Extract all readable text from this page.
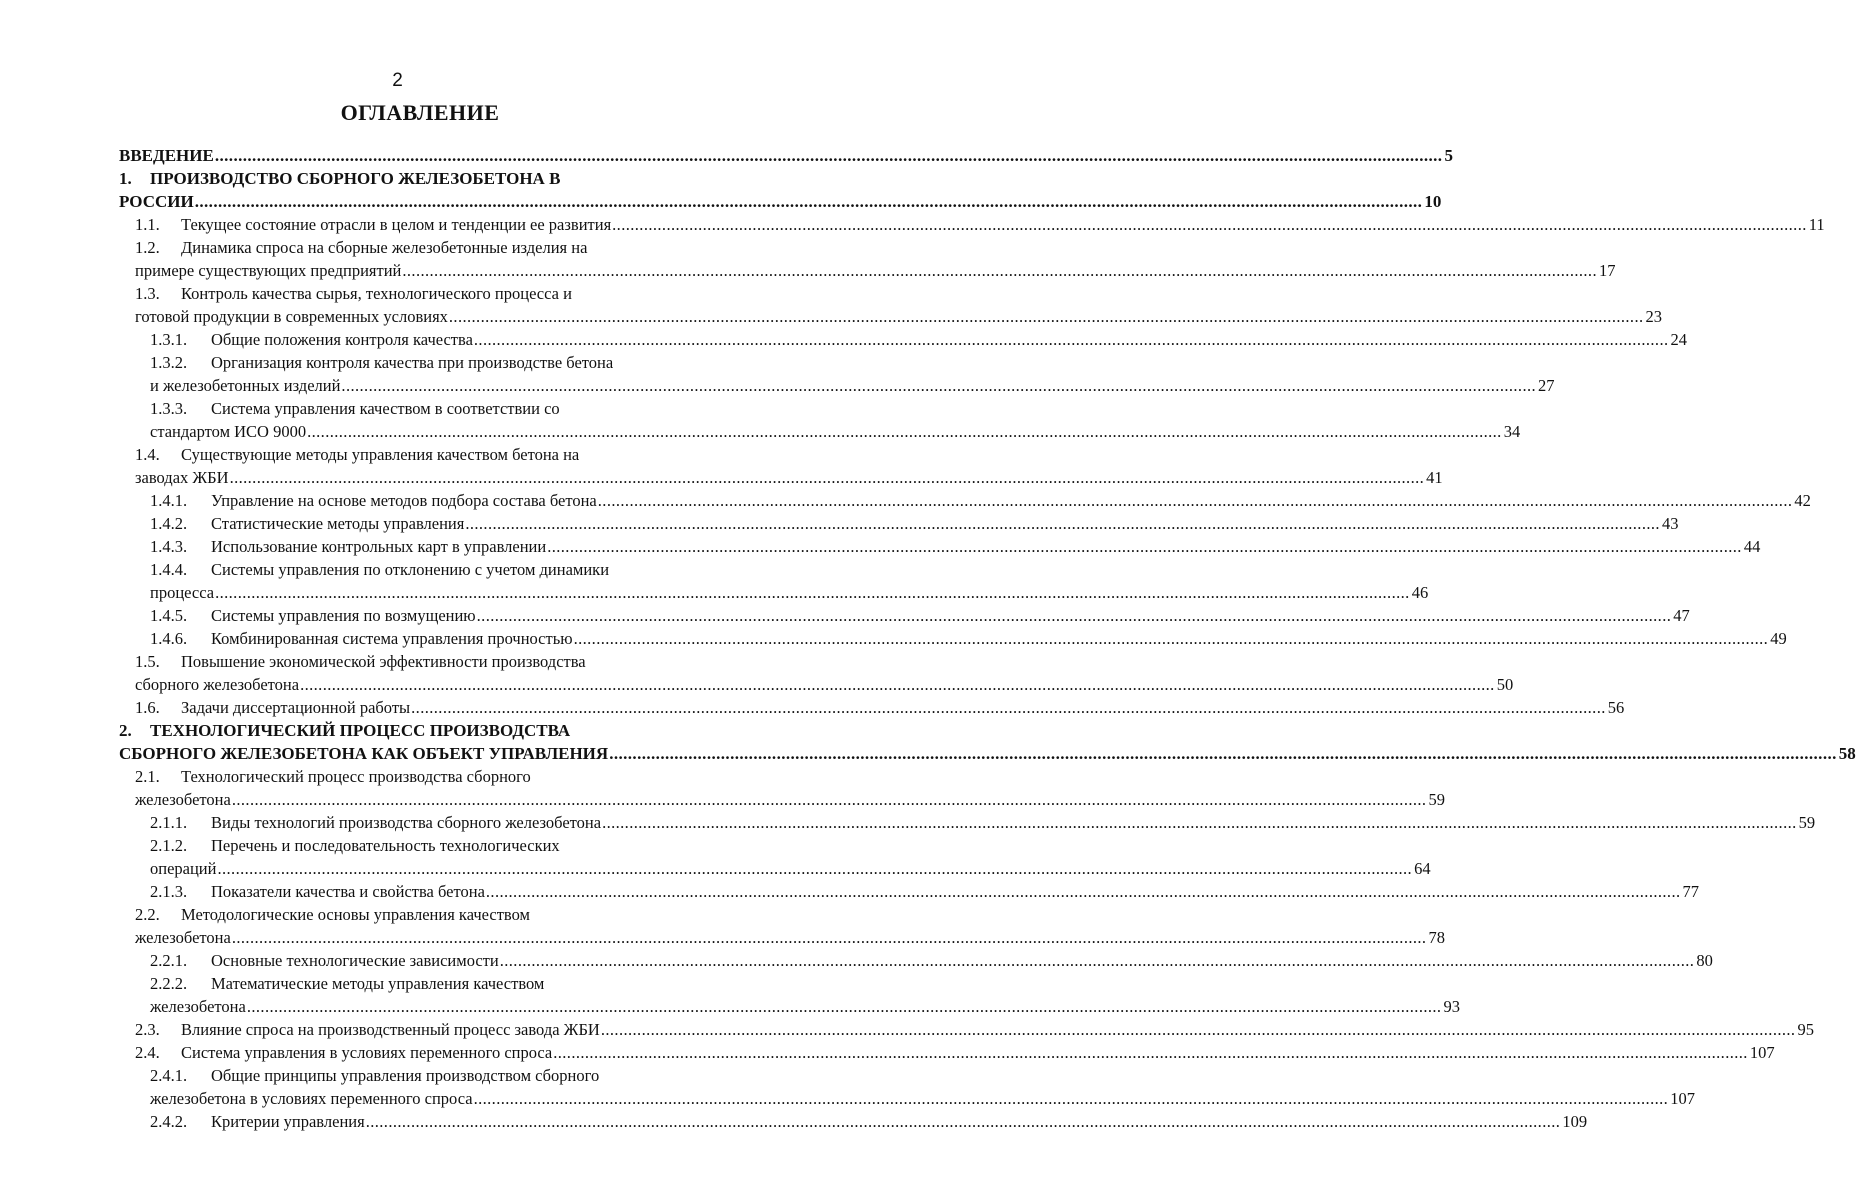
2
ОГЛАВЛЕНИЕ
ВВЕДЕНИЕ ........................................................................................................................................................................................................................................................................ 5
1. ПРОИЗВОДСТВО СБОРНОГО ЖЕЛЕЗОБЕТОНА В
РОССИИ ........................................................................................................................................................................................................................................................................ 10
1.1. Текущее состояние отрасли в целом и тенденции ее развития ........................................................................................................................................................................................................................................................................ 11
1.2. Динамика спроса на сборные железобетонные изделия на
примере существующих предприятий ........................................................................................................................................................................................................................................................................ 17
1.3. Контроль качества сырья, технологического процесса и
готовой продукции в современных условиях ........................................................................................................................................................................................................................................................................ 23
1.3.1. Общие положения контроля качества ........................................................................................................................................................................................................................................................................ 24
1.3.2. Организация контроля качества при производстве бетона
и железобетонных изделий ........................................................................................................................................................................................................................................................................ 27
1.3.3. Система управления качеством в соответствии со
стандартом ИСО 9000 ........................................................................................................................................................................................................................................................................ 34
1.4. Существующие методы управления качеством бетона на
заводах ЖБИ ........................................................................................................................................................................................................................................................................ 41
1.4.1. Управление на основе методов подбора состава бетона ........................................................................................................................................................................................................................................................................ 42
1.4.2. Статистические методы управления ........................................................................................................................................................................................................................................................................ 43
1.4.3. Использование контрольных карт в управлении ........................................................................................................................................................................................................................................................................ 44
1.4.4. Системы управления по отклонению с учетом динамики
процесса ........................................................................................................................................................................................................................................................................ 46
1.4.5. Системы управления по возмущению ........................................................................................................................................................................................................................................................................ 47
1.4.6. Комбинированная система управления прочностью ........................................................................................................................................................................................................................................................................ 49
1.5. Повышение экономической эффективности производства
сборного железобетона ........................................................................................................................................................................................................................................................................ 50
1.6. Задачи диссертационной работы ........................................................................................................................................................................................................................................................................ 56
2. ТЕХНОЛОГИЧЕСКИЙ ПРОЦЕСС ПРОИЗВОДСТВА
СБОРНОГО ЖЕЛЕЗОБЕТОНА КАК ОБЪЕКТ УПРАВЛЕНИЯ ........................................................................................................................................................................................................................................................................ 58
2.1. Технологический процесс производства сборного
железобетона ........................................................................................................................................................................................................................................................................ 59
2.1.1. Виды технологий производства сборного железобетона ........................................................................................................................................................................................................................................................................ 59
2.1.2. Перечень и последовательность технологических
операций ........................................................................................................................................................................................................................................................................ 64
2.1.3. Показатели качества и свойства бетона ........................................................................................................................................................................................................................................................................ 77
2.2. Методологические основы управления качеством
железобетона ........................................................................................................................................................................................................................................................................ 78
2.2.1. Основные технологические зависимости ........................................................................................................................................................................................................................................................................ 80
2.2.2. Математические методы управления качеством
железобетона ........................................................................................................................................................................................................................................................................ 93
2.3. Влияние спроса на производственный процесс завода ЖБИ ........................................................................................................................................................................................................................................................................ 95
2.4. Система управления в условиях переменного спроса ........................................................................................................................................................................................................................................................................ 107
2.4.1. Общие принципы управления производством сборного
железобетона в условиях переменного спроса ........................................................................................................................................................................................................................................................................ 107
2.4.2. Критерии управления ........................................................................................................................................................................................................................................................................ 109
